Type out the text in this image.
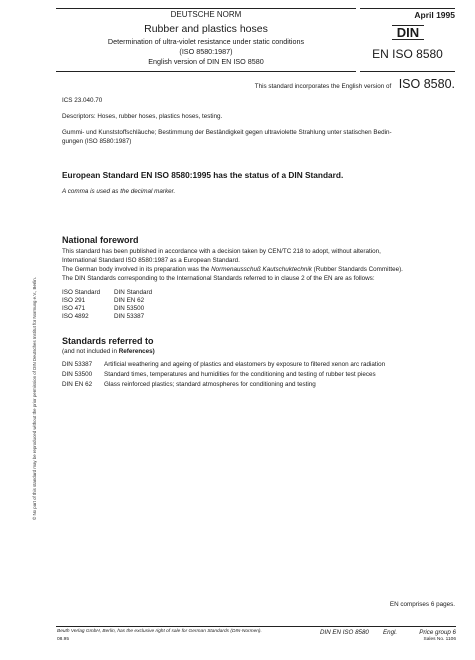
DEUTSCHE NORM
Rubber and plastics hoses
Determination of ultra-violet resistance under static conditions
(ISO 8580:1987)
English version of DIN EN ISO 8580
April 1995
DIN
EN ISO 8580
This standard incorporates the English version of ISO 8580.
ICS 23.040.70
Descriptors: Hoses, rubber hoses, plastics hoses, testing.
Gummi- und Kunststoffschläuche; Bestimmung der Beständigkeit gegen ultraviolette Strahlung unter statischen Bedin-
gungen (ISO 8580:1987)
European Standard EN ISO 8580:1995 has the status of a DIN Standard.
A comma is used as the decimal marker.
National foreword
This standard has been published in accordance with a decision taken by CEN/TC 218 to adopt, without alteration,
International Standard ISO 8580:1987 as a European Standard.
The German body involved in its preparation was the Normenausschuß Kautschuktechnik (Rubber Standards Committee).
The DIN Standards corresponding to the International Standards referred to in clause 2 of the EN are as follows:
ISO Standard	DIN Standard
ISO 291	DIN EN 62
ISO 471	DIN 53500
ISO 4892	DIN 53387
Standards referred to
(and not included in References)
DIN 53387	Artificial weathering and ageing of plastics and elastomers by exposure to filtered xenon arc radiation
DIN 53500	Standard times, temperatures and humidities for the conditioning and testing of rubber test pieces
DIN EN 62	Glass reinforced plastics; standard atmospheres for conditioning and testing
EN comprises 6 pages.
Beuth Verlag GmbH, Berlin, has the exclusive right of sale for German Standards (DIN-Normen).
08.95
DIN EN ISO 8580 Engl.	Price group 6
Sales No. 1106
© No part of this standard may be reproduced without the prior permission of DIN Deutsches Institut für Normung e.V., Berlin.
